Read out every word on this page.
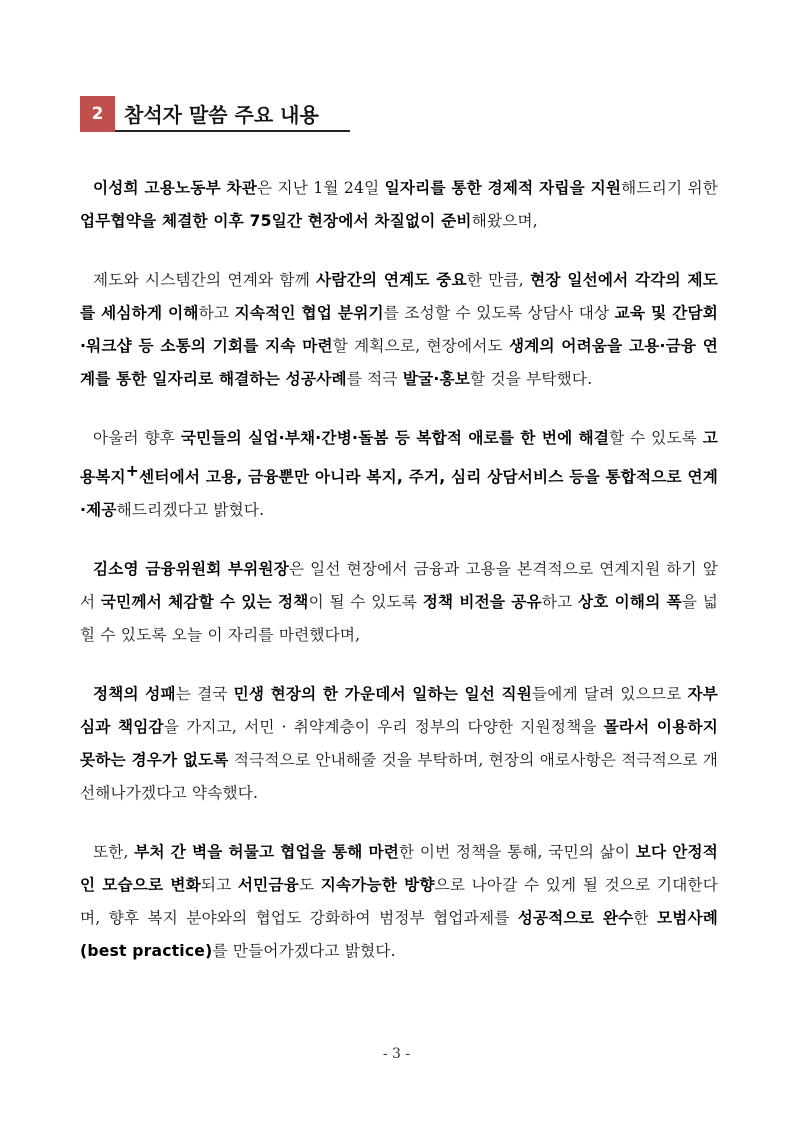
2	참석자 말씀 주요 내용

이성희 고용노동부 차관은 지난 1월 24일 일자리를 통한 경제적 자립을 지원해드리기 위한 업무협약을 체결한 이후 75일간 현장에서 차질없이 준비해왔으며,

제도와 시스템간의 연계와 함께 사람간의 연계도 중요한 만큼, 현장 일선에서 각각의 제도를 세심하게 이해하고 지속적인 협업 분위기를 조성할 수 있도록 상담사 대상 교육 및 간담회·워크샵 등 소통의 기회를 지속 마련할 계획으로, 현장에서도 생계의 어려움을 고용·금융 연계를 통한 일자리로 해결하는 성공사례를 적극 발굴·홍보할 것을 부탁했다.

아울러 향후 국민들의 실업·부채·간병·돌봄 등 복합적 애로를 한 번에 해결할 수 있도록 고용복지+센터에서 고용, 금융뿐만 아니라 복지, 주거, 심리 상담서비스 등을 통합적으로 연계·제공해드리겠다고 밝혔다.

김소영 금융위원회 부위원장은 일선 현장에서 금융과 고용을 본격적으로 연계지원 하기 앞서 국민께서 체감할 수 있는 정책이 될 수 있도록 정책 비전을 공유하고 상호 이해의 폭을 넓힐 수 있도록 오늘 이 자리를 마련했다며,

정책의 성패는 결국 민생 현장의 한 가운데서 일하는 일선 직원들에게 달려 있으므로 자부심과 책임감을 가지고, 서민 · 취약계층이 우리 정부의 다양한 지원정책을 몰라서 이용하지 못하는 경우가 없도록 적극적으로 안내해줄 것을 부탁하며, 현장의 애로사항은 적극적으로 개선해나가겠다고 약속했다.

또한, 부처 간 벽을 허물고 협업을 통해 마련한 이번 정책을 통해, 국민의 삶이 보다 안정적인 모습으로 변화되고 서민금융도 지속가능한 방향으로 나아갈 수 있게 될 것으로 기대한다며, 향후 복지 분야와의 협업도 강화하여 범정부 협업과제를 성공적으로 완수한 모범사례(best practice)를 만들어가겠다고 밝혔다.

- 3 -
